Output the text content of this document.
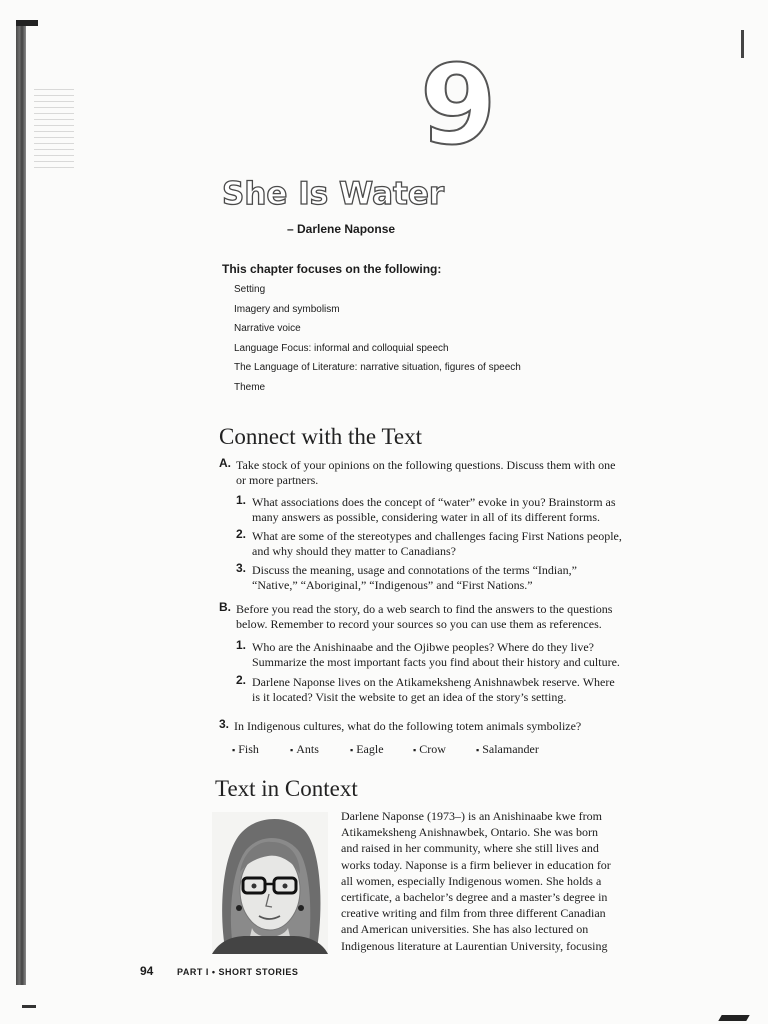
9
She Is Water
– Darlene Naponse
This chapter focuses on the following:
Setting
Imagery and symbolism
Narrative voice
Language Focus: informal and colloquial speech
The Language of Literature: narrative situation, figures of speech
Theme
Connect with the Text
A. Take stock of your opinions on the following questions. Discuss them with one
or more partners.
1. What associations does the concept of “water” evoke in you? Brainstorm as
many answers as possible, considering water in all of its different forms.
2. What are some of the stereotypes and challenges facing First Nations people,
and why should they matter to Canadians?
3. Discuss the meaning, usage and connotations of the terms “Indian,”
“Native,” “Aboriginal,” “Indigenous” and “First Nations.”
B. Before you read the story, do a web search to find the answers to the questions
below. Remember to record your sources so you can use them as references.
1. Who are the Anishinaabe and the Ojibwe peoples? Where do they live?
Summarize the most important facts you find about their history and culture.
2. Darlene Naponse lives on the Atikameksheng Anishnawbek reserve. Where
is it located? Visit the website to get an idea of the story’s setting.
3. In Indigenous cultures, what do the following totem animals symbolize?
▪ Fish	▪ Ants	▪ Eagle	▪ Crow	▪ Salamander
Text in Context
Darlene Naponse (1973–) is an Anishinaabe kwe from
Atikameksheng Anishnawbek, Ontario. She was born
and raised in her community, where she still lives and
works today. Naponse is a firm believer in education for
all women, especially Indigenous women. She holds a
certificate, a bachelor’s degree and a master’s degree in
creative writing and film from three different Canadian
and American universities. She has also lectured on
Indigenous literature at Laurentian University, focusing
94	PART I • SHORT STORIES
